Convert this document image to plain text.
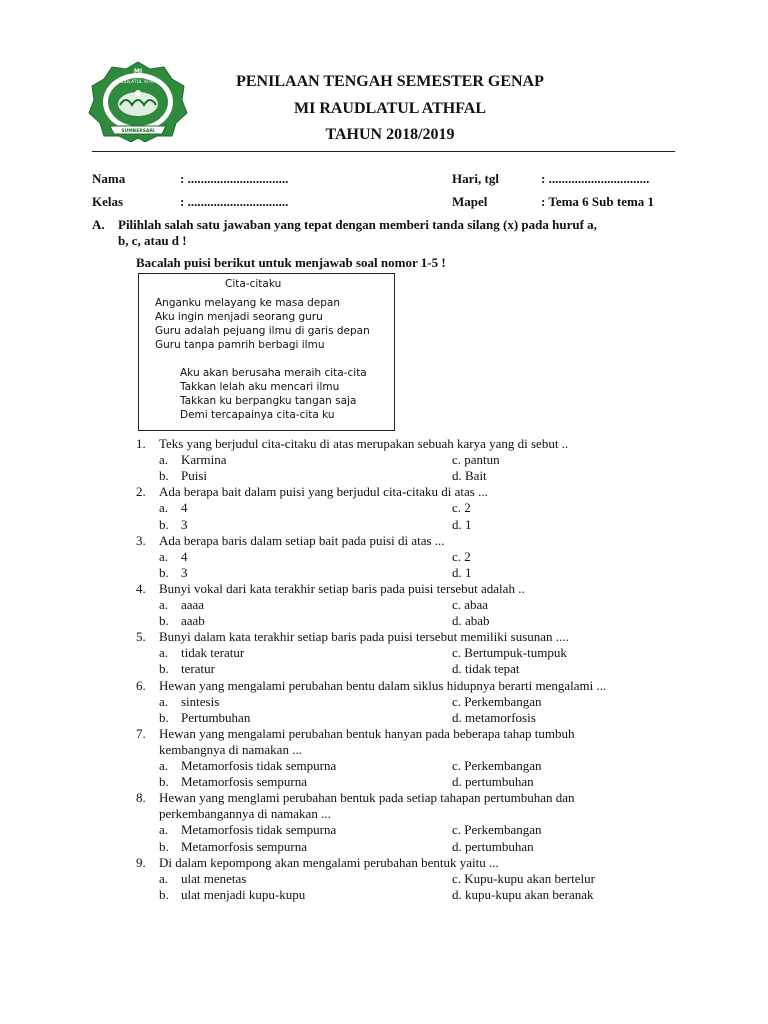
MI
RAUDLATUL ATHFAL
SUMBERSARI
PENILAAN TENGAH SEMESTER GENAP
MI RAUDLATUL ATHFAL
TAHUN 2018/2019
Nama	: ...............................	Hari, tgl	: ...............................
Kelas	: ...............................	Mapel	: Tema 6 Sub tema 1
A. Pilihlah salah satu jawaban yang tepat dengan memberi tanda silang (x) pada huruf a,
b, c, atau d !
Bacalah puisi berikut untuk menjawab soal nomor 1-5 !
Cita-citaku
Anganku melayang ke masa depan
Aku ingin menjadi seorang guru
Guru adalah pejuang ilmu di garis depan
Guru tanpa pamrih berbagi ilmu
Aku akan berusaha meraih cita-cita
Takkan lelah aku mencari ilmu
Takkan ku berpangku tangan saja
Demi tercapainya cita-cita ku
1. Teks yang berjudul cita-citaku di atas merupakan sebuah karya yang di sebut ..
a. Karmina	c. pantun
b. Puisi	d. Bait
2. Ada berapa bait dalam puisi yang berjudul cita-citaku di atas ...
a. 4	c. 2
b. 3	d. 1
3. Ada berapa baris dalam setiap bait pada puisi di atas ...
a. 4	c. 2
b. 3	d. 1
4. Bunyi vokal dari kata terakhir setiap baris pada puisi tersebut adalah ..
a. aaaa	c. abaa
b. aaab	d. abab
5. Bunyi dalam kata terakhir setiap baris pada puisi tersebut memiliki susunan ....
a. tidak teratur	c. Bertumpuk-tumpuk
b. teratur	d. tidak tepat
6. Hewan yang mengalami perubahan bentu dalam siklus hidupnya berarti mengalami ...
a. sintesis	c. Perkembangan
b. Pertumbuhan	d. metamorfosis
7. Hewan yang mengalami perubahan bentuk hanyan pada beberapa tahap tumbuh
kembangnya di namakan ...
a. Metamorfosis tidak sempurna	c. Perkembangan
b. Metamorfosis sempurna	d. pertumbuhan
8. Hewan yang menglami perubahan bentuk pada setiap tahapan pertumbuhan dan
perkembangannya di namakan ...
a. Metamorfosis tidak sempurna	c. Perkembangan
b. Metamorfosis sempurna	d. pertumbuhan
9. Di dalam kepompong akan mengalami perubahan bentuk yaitu ...
a. ulat menetas	c. Kupu-kupu akan bertelur
b. ulat menjadi kupu-kupu	d. kupu-kupu akan beranak
